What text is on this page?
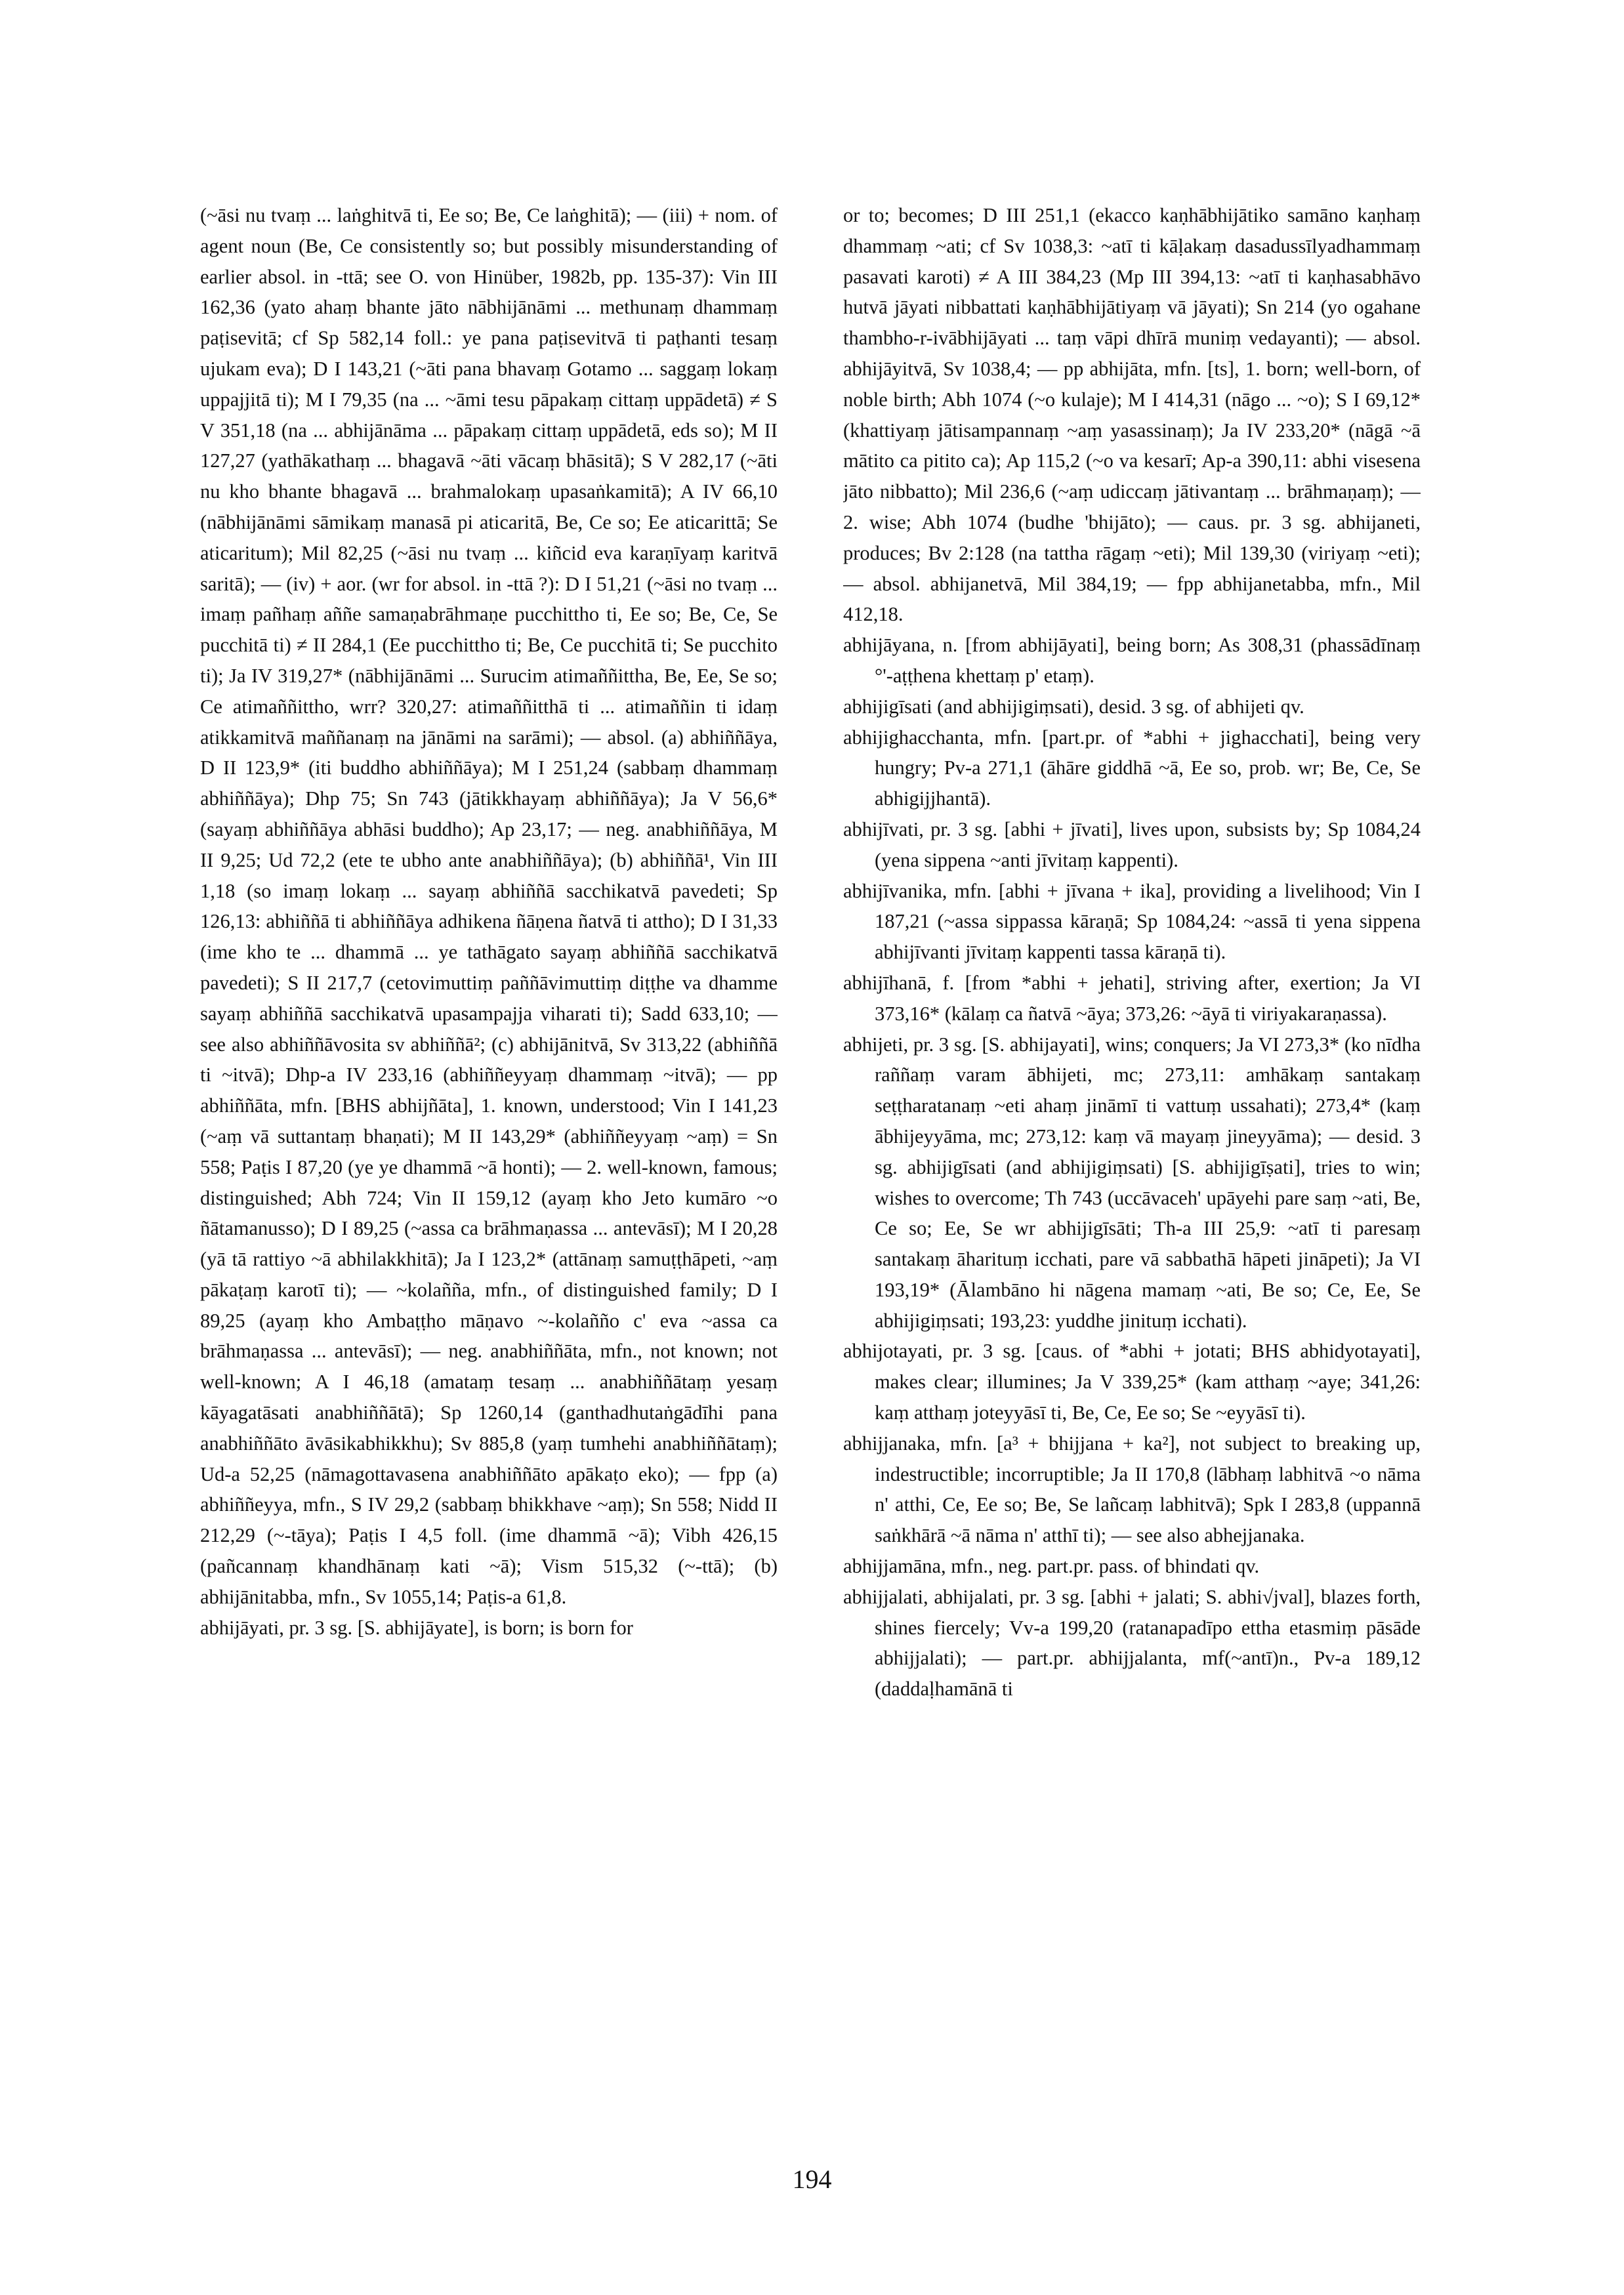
(~āsi nu tvaṃ ... laṅghitvā ti, Ee so; Be, Ce laṅghitā); — (iii) + nom. of agent noun (Be, Ce consistently so; but possibly misunderstanding of earlier absol. in -ttā; see O. von Hinüber, 1982b, pp. 135-37): Vin III 162,36 (yato ahaṃ bhante jāto nābhijānāmi ... methunaṃ dhammaṃ paṭisevitā; cf Sp 582,14 foll.: ye pana paṭisevitvā ti paṭhanti tesaṃ ujukam eva); D I 143,21 (~āti pana bhavaṃ Gotamo ... saggaṃ lokaṃ uppajjitā ti); M I 79,35 (na ... ~āmi tesu pāpakaṃ cittaṃ uppādetā) ≠ S V 351,18 (na ... abhijānāma ... pāpakaṃ cittaṃ uppādetā, eds so); M II 127,27 (yathākathaṃ ... bhagavā ~āti vācaṃ bhāsitā); S V 282,17 (~āti nu kho bhante bhagavā ... brahmalokaṃ upasaṅkamitā); A IV 66,10 (nābhijānāmi sāmikaṃ manasā pi aticaritā, Be, Ce so; Ee aticarittā; Se aticaritum); Mil 82,25 (~āsi nu tvaṃ ... kiñcid eva karaṇīyaṃ karitvā saritā); — (iv) + aor. (wr for absol. in -ttā ?): D I 51,21 (~āsi no tvaṃ ... imaṃ pañhaṃ aññe samaṇabrāhmaṇe pucchittho ti, Ee so; Be, Ce, Se pucchitā ti) ≠ II 284,1 (Ee pucchittho ti; Be, Ce pucchitā ti; Se pucchito ti); Ja IV 319,27* (nābhijānāmi ... Surucim atimaññittha, Be, Ee, Se so; Ce atimaññittho, wrr? 320,27: atimaññitthā ti ... atimaññin ti idaṃ atikkamitvā maññanaṃ na jānāmi na sarāmi); — absol. (a) abhiññāya, D II 123,9* (iti buddho abhiññāya); M I 251,24 (sabbaṃ dhammaṃ abhiññāya); Dhp 75; Sn 743 (jātikkhayaṃ abhiññāya); Ja V 56,6* (sayaṃ abhiññāya abhāsi buddho); Ap 23,17; — neg. anabhiññāya, M II 9,25; Ud 72,2 (ete te ubho ante anabhiññāya); (b) abhiññā¹, Vin III 1,18 (so imaṃ lokaṃ ... sayaṃ abhiññā sacchikatvā pavedeti; Sp 126,13: abhiññā ti abhiññāya adhikena ñāṇena ñatvā ti attho); D I 31,33 (ime kho te ... dhammā ... ye tathāgato sayaṃ abhiññā sacchikatvā pavedeti); S II 217,7 (cetovimuttiṃ paññāvimuttiṃ diṭṭhe va dhamme sayaṃ abhiññā sacchikatvā upasampajja viharati ti); Sadd 633,10; — see also abhiññāvosita sv abhiññā²; (c) abhijānitvā, Sv 313,22 (abhiññā ti ~itvā); Dhp-a IV 233,16 (abhiññeyyaṃ dhammaṃ ~itvā); — pp abhiññāta, mfn. [BHS abhijñāta], 1. known, understood; Vin I 141,23 (~aṃ vā suttantaṃ bhaṇati); M II 143,29* (abhiññeyyaṃ ~aṃ) = Sn 558; Paṭis I 87,20 (ye ye dhammā ~ā honti); — 2. well-known, famous; distinguished; Abh 724; Vin II 159,12 (ayaṃ kho Jeto kumāro ~o ñātamanusso); D I 89,25 (~assa ca brāhmaṇassa ... antevāsī); M I 20,28 (yā tā rattiyo ~ā abhilakkhitā); Ja I 123,2* (attānaṃ samuṭṭhāpeti, ~aṃ pākaṭaṃ karotī ti); — ~kolañña, mfn., of distinguished family; D I 89,25 (ayaṃ kho Ambaṭṭho māṇavo ~-kolañño c' eva ~assa ca brāhmaṇassa ... antevāsī); — neg. anabhiññāta, mfn., not known; not well-known; A I 46,18 (amataṃ tesaṃ ... anabhiññātaṃ yesaṃ kāyagatāsati anabhiññātā); Sp 1260,14 (ganthadhutaṅgādīhi pana anabhiññāto āvāsikabhikkhu); Sv 885,8 (yaṃ tumhehi anabhiññātaṃ); Ud-a 52,25 (nāmagottavasena anabhiññāto apākaṭo eko); — fpp (a) abhiññeyya, mfn., S IV 29,2 (sabbaṃ bhikkhave ~aṃ); Sn 558; Nidd II 212,29 (~-tāya); Paṭis I 4,5 foll. (ime dhammā ~ā); Vibh 426,15 (pañcannaṃ khandhānaṃ kati ~ā); Vism 515,32 (~-ttā); (b) abhijānitabba, mfn., Sv 1055,14; Paṭis-a 61,8.

abhijāyati, pr. 3 sg. [S. abhijāyate], is born; is born for

or to; becomes; D III 251,1 (ekacco kaṇhābhijātiko samāno kaṇhaṃ dhammaṃ ~ati; cf Sv 1038,3: ~atī ti kāḷakaṃ dasadussīlyadhammaṃ pasavati karoti) ≠ A III 384,23 (Mp III 394,13: ~atī ti kaṇhasabhāvo hutvā jāyati nibbattati kaṇhābhijātiyaṃ vā jāyati); Sn 214 (yo ogahane thambho-r-ivābhijāyati ... taṃ vāpi dhīrā muniṃ vedayanti); — absol. abhijāyitvā, Sv 1038,4; — pp abhijāta, mfn. [ts], 1. born; well-born, of noble birth; Abh 1074 (~o kulaje); M I 414,31 (nāgo ... ~o); S I 69,12* (khattiyaṃ jātisampannaṃ ~aṃ yasassinaṃ); Ja IV 233,20* (nāgā ~ā mātito ca pitito ca); Ap 115,2 (~o va kesarī; Ap-a 390,11: abhi visesena jāto nibbatto); Mil 236,6 (~aṃ udiccaṃ jātivantaṃ ... brāhmaṇaṃ); — 2. wise; Abh 1074 (budhe 'bhijāto); — caus. pr. 3 sg. abhijaneti, produces; Bv 2:128 (na tattha rāgaṃ ~eti); Mil 139,30 (viriyaṃ ~eti); — absol. abhijanetvā, Mil 384,19; — fpp abhijanetabba, mfn., Mil 412,18.

abhijāyana, n. [from abhijāyati], being born; As 308,31 (phassādīnaṃ °'-aṭṭhena khettaṃ p' etaṃ).

abhijigīsati (and abhijigiṃsati), desid. 3 sg. of abhijeti qv.

abhijighacchanta, mfn. [part.pr. of *abhi + jighacchati], being very hungry; Pv-a 271,1 (āhāre giddhā ~ā, Ee so, prob. wr; Be, Ce, Se abhigijjhantā).

abhijīvati, pr. 3 sg. [abhi + jīvati], lives upon, subsists by; Sp 1084,24 (yena sippena ~anti jīvitaṃ kappenti).

abhijīvanika, mfn. [abhi + jīvana + ika], providing a livelihood; Vin I 187,21 (~assa sippassa kāraṇā; Sp 1084,24: ~assā ti yena sippena abhijīvanti jīvitaṃ kappenti tassa kāraṇā ti).

abhijīhanā, f. [from *abhi + jehati], striving after, exertion; Ja VI 373,16* (kālaṃ ca ñatvā ~āya; 373,26: ~āyā ti viriyakaraṇassa).

abhijeti, pr. 3 sg. [S. abhijayati], wins; conquers; Ja VI 273,3* (ko nīdha raññaṃ varam ābhijeti, mc; 273,11: amhākaṃ santakaṃ seṭṭharatanaṃ ~eti ahaṃ jināmī ti vattuṃ ussahati); 273,4* (kaṃ ābhijeyyāma, mc; 273,12: kaṃ vā mayaṃ jineyyāma); — desid. 3 sg. abhijigīsati (and abhijigiṃsati) [S. abhijigīṣati], tries to win; wishes to overcome; Th 743 (uccāvaceh' upāyehi pare saṃ ~ati, Be, Ce so; Ee, Se wr abhijigīsāti; Th-a III 25,9: ~atī ti paresaṃ santakaṃ āharituṃ icchati, pare vā sabbathā hāpeti jināpeti); Ja VI 193,19* (Ālambāno hi nāgena mamaṃ ~ati, Be so; Ce, Ee, Se abhijigiṃsati; 193,23: yuddhe jinituṃ icchati).

abhijotayati, pr. 3 sg. [caus. of *abhi + jotati; BHS abhidyotayati], makes clear; illumines; Ja V 339,25* (kam atthaṃ ~aye; 341,26: kaṃ atthaṃ joteyyāsī ti, Be, Ce, Ee so; Se ~eyyāsī ti).

abhijjanaka, mfn. [a³ + bhijjana + ka²], not subject to breaking up, indestructible; incorruptible; Ja II 170,8 (lābhaṃ labhitvā ~o nāma n' atthi, Ce, Ee so; Be, Se lañcaṃ labhitvā); Spk I 283,8 (uppannā saṅkhārā ~ā nāma n' atthī ti); — see also abhejjanaka.

abhijjamāna, mfn., neg. part.pr. pass. of bhindati qv.

abhijjalati, abhijalati, pr. 3 sg. [abhi + jalati; S. abhi√jval], blazes forth, shines fiercely; Vv-a 199,20 (ratanapadīpo ettha etasmiṃ pāsāde abhijjalati); — part.pr. abhijjalanta, mf(~antī)n., Pv-a 189,12 (daddaḷhamānā ti

194
